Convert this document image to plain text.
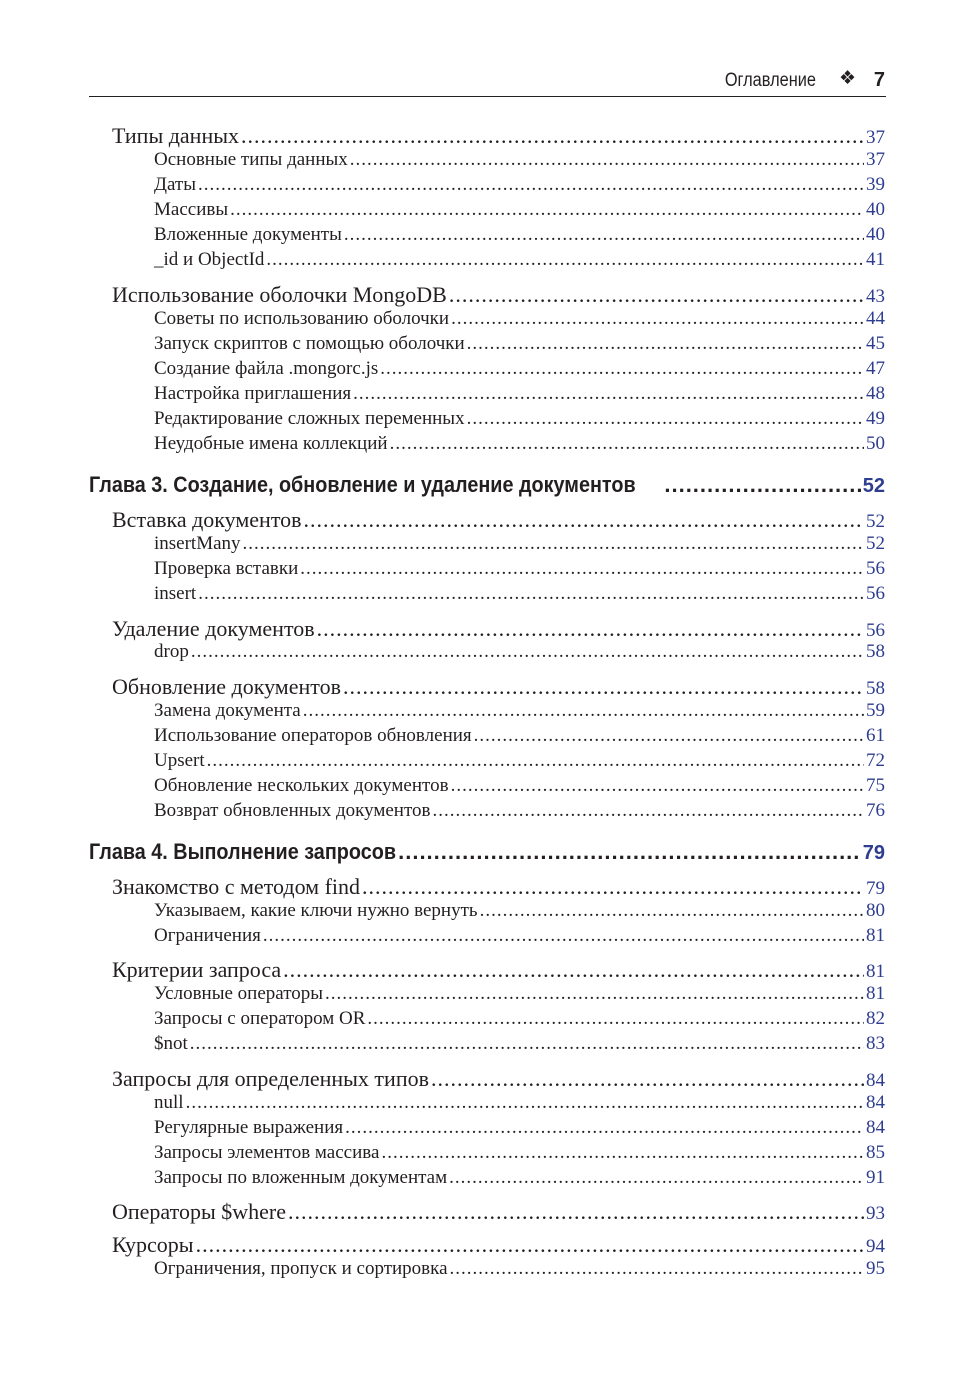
Оглавление ❖ 7
Типы данных .....	37
Основные типы данных .....	37
Даты .....	39
Массивы .....	40
Вложенные документы .....	40
_id и ObjectId .....	41
Использование оболочки MongoDB .....	43
Советы по использованию оболочки .....	44
Запуск скриптов с помощью оболочки .....	45
Создание файла .mongorc.js .....	47
Настройка приглашения .....	48
Редактирование сложных переменных .....	49
Неудобные имена коллекций .....	50
Глава 3. Создание, обновление и удаление документов .....	52
Вставка документов .....	52
insertMany .....	52
Проверка вставки .....	56
insert .....	56
Удаление документов .....	56
drop .....	58
Обновление документов .....	58
Замена документа .....	59
Использование операторов обновления .....	61
Upsert .....	72
Обновление нескольких документов .....	75
Возврат обновленных документов .....	76
Глава 4. Выполнение запросов .....	79
Знакомство с методом find .....	79
Указываем, какие ключи нужно вернуть .....	80
Ограничения .....	81
Критерии запроса .....	81
Условные операторы .....	81
Запросы с оператором OR .....	82
$not .....	83
Запросы для определенных типов .....	84
null .....	84
Регулярные выражения .....	84
Запросы элементов массива .....	85
Запросы по вложенным документам .....	91
Операторы $where .....	93
Курсоры .....	94
Ограничения, пропуск и сортировка .....	95
